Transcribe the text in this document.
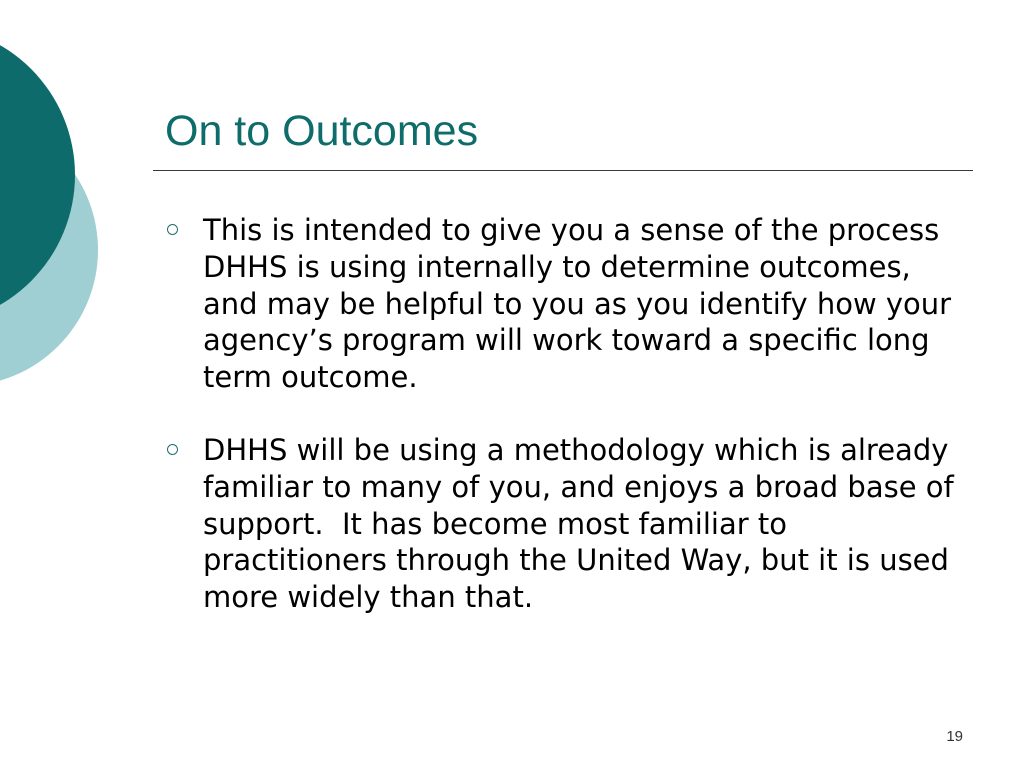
On to Outcomes
This is intended to give you a sense of the process DHHS is using internally to determine outcomes, and may be helpful to you as you identify how your agency’s program will work toward a specific long term outcome.
DHHS will be using a methodology which is already familiar to many of you, and enjoys a broad base of support.  It has become most familiar to practitioners through the United Way, but it is used more widely than that.
19
